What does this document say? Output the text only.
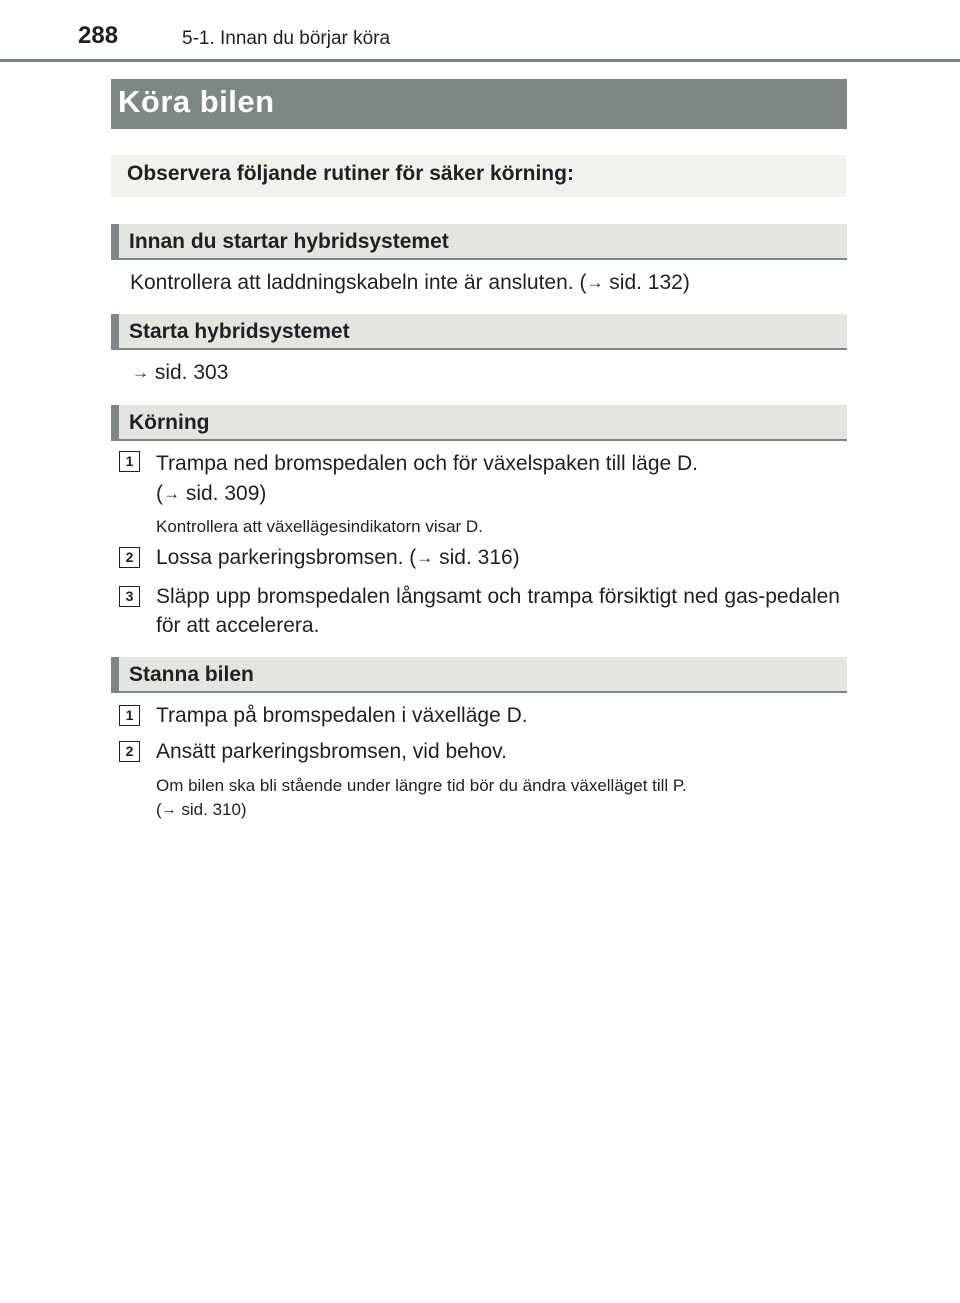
288	5-1. Innan du börjar köra
Köra bilen
Observera följande rutiner för säker körning:
Innan du startar hybridsystemet
Kontrollera att laddningskabeln inte är ansluten. (→ sid. 132)
Starta hybridsystemet
→ sid. 303
Körning
1	Trampa ned bromspedalen och för växelspaken till läge D.
(→ sid. 309)
Kontrollera att växellägesindikatorn visar D.
2	Lossa parkeringsbromsen. (→ sid. 316)
3	Släpp upp bromspedalen långsamt och trampa försiktigt ned gas-pedalen för att accelerera.
Stanna bilen
1	Trampa på bromspedalen i växelläge D.
2	Ansätt parkeringsbromsen, vid behov.
Om bilen ska bli stående under längre tid bör du ändra växelläget till P.
(→ sid. 310)
